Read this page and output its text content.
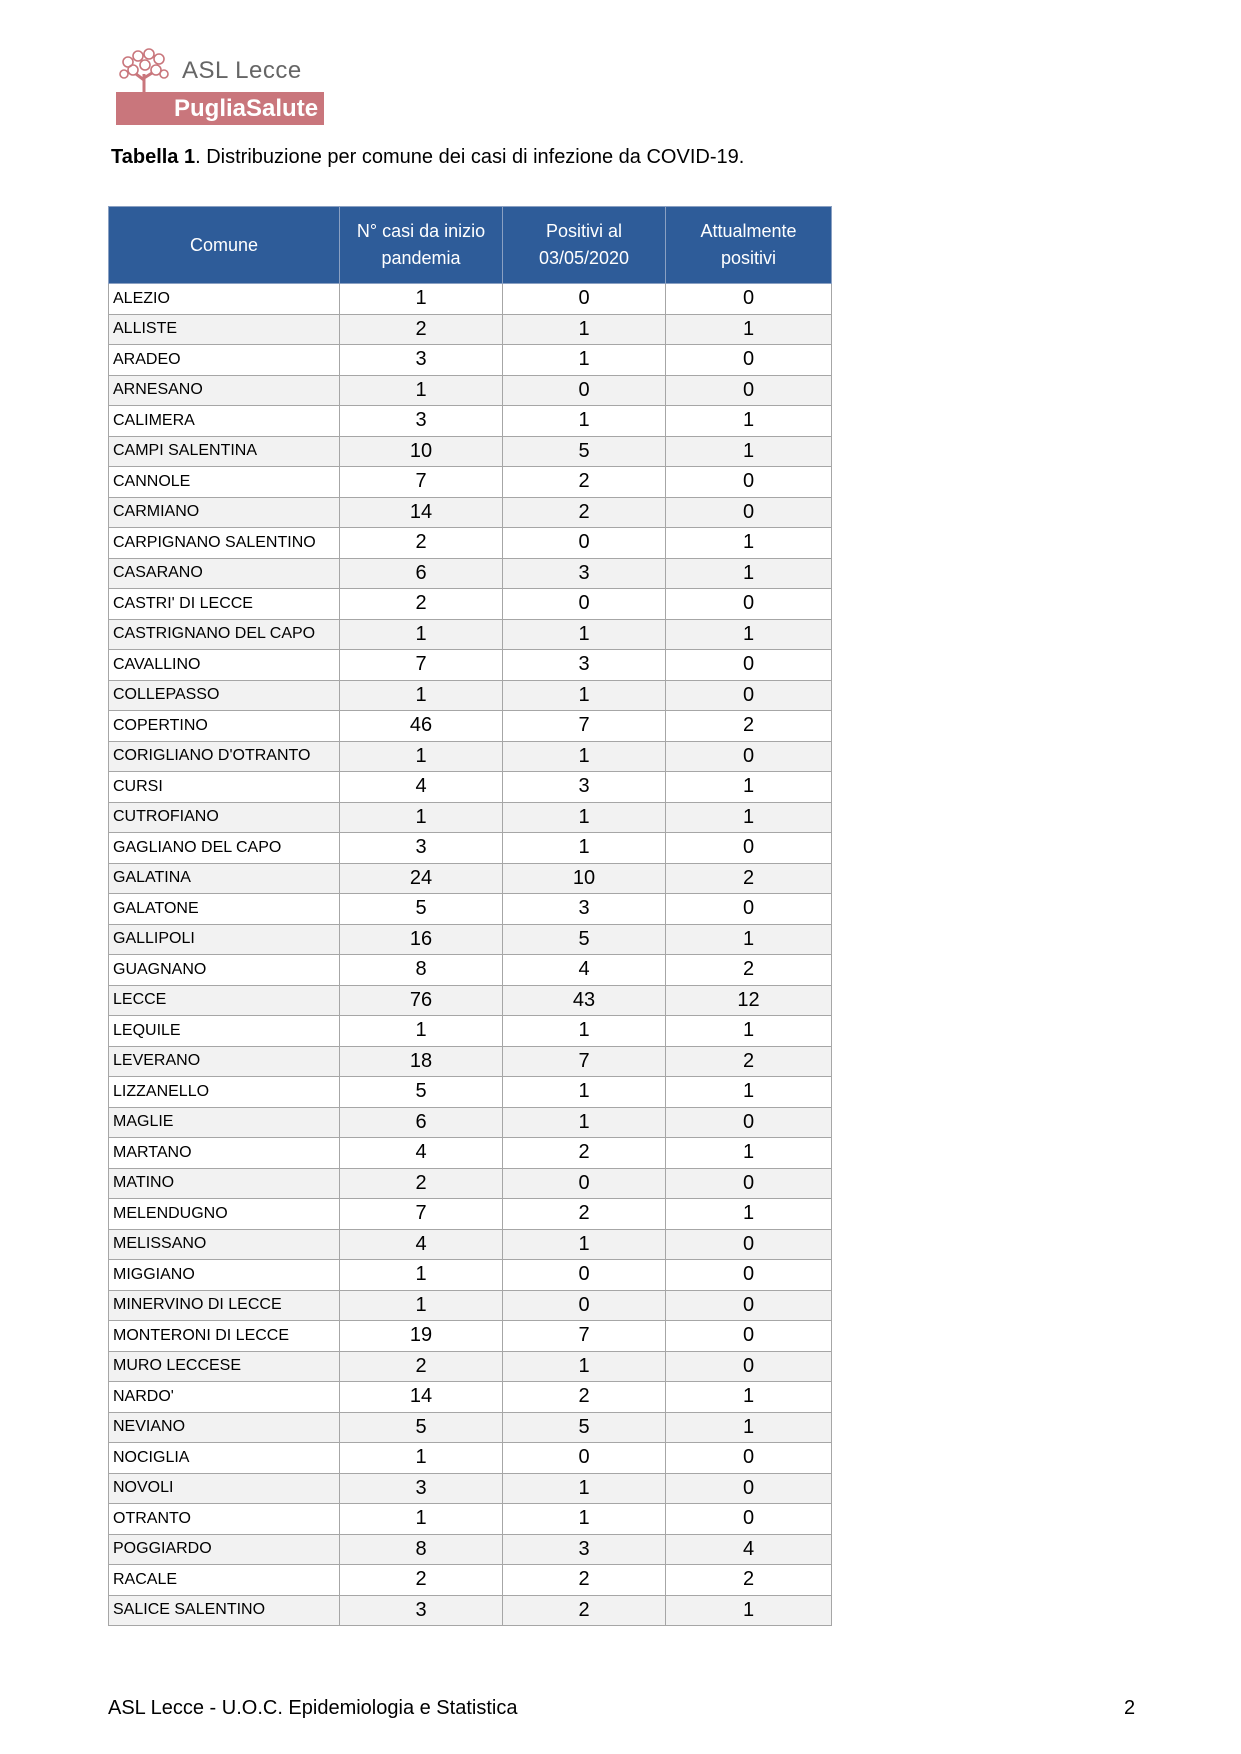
ASL Lecce
PugliaSalute
Tabella 1. Distribuzione per comune dei casi di infezione da COVID-19.
Comune	N° casi da inizio pandemia	Positivi al 03/05/2020	Attualmente positivi
ALEZIO	1	0	0
ALLISTE	2	1	1
ARADEO	3	1	0
ARNESANO	1	0	0
CALIMERA	3	1	1
CAMPI SALENTINA	10	5	1
CANNOLE	7	2	0
CARMIANO	14	2	0
CARPIGNANO SALENTINO	2	0	1
CASARANO	6	3	1
CASTRI' DI LECCE	2	0	0
CASTRIGNANO DEL CAPO	1	1	1
CAVALLINO	7	3	0
COLLEPASSO	1	1	0
COPERTINO	46	7	2
CORIGLIANO D'OTRANTO	1	1	0
CURSI	4	3	1
CUTROFIANO	1	1	1
GAGLIANO DEL CAPO	3	1	0
GALATINA	24	10	2
GALATONE	5	3	0
GALLIPOLI	16	5	1
GUAGNANO	8	4	2
LECCE	76	43	12
LEQUILE	1	1	1
LEVERANO	18	7	2
LIZZANELLO	5	1	1
MAGLIE	6	1	0
MARTANO	4	2	1
MATINO	2	0	0
MELENDUGNO	7	2	1
MELISSANO	4	1	0
MIGGIANO	1	0	0
MINERVINO DI LECCE	1	0	0
MONTERONI DI LECCE	19	7	0
MURO LECCESE	2	1	0
NARDO'	14	2	1
NEVIANO	5	5	1
NOCIGLIA	1	0	0
NOVOLI	3	1	0
OTRANTO	1	1	0
POGGIARDO	8	3	4
RACALE	2	2	2
SALICE SALENTINO	3	2	1
ASL Lecce - U.O.C. Epidemiologia e Statistica	2
